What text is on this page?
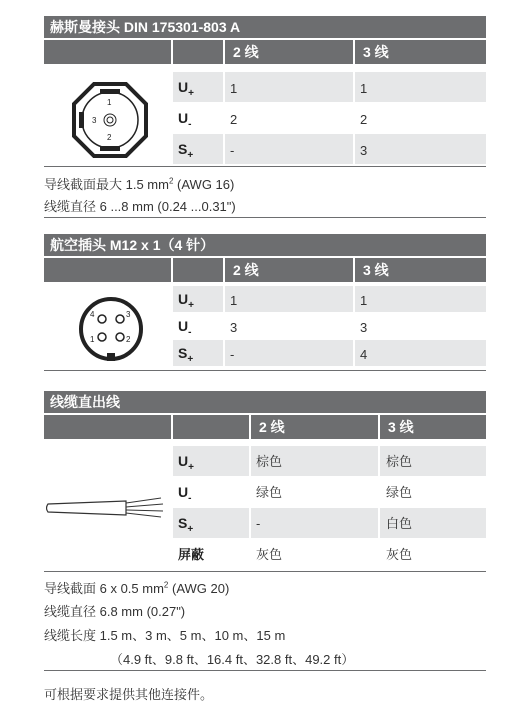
赫斯曼接头 DIN 175301-803 A
2 线	3 线
1
3
2
$U_+$	1	1
$U_-$	2	2
$S_+$	-	3
导线截面最大 1.5 $mm^2$ (AWG 16)
线缆直径 6 ...8 mm (0.24 ...0.31")
航空插头 M12 x 1（4 针）
2 线	3 线
4	3
1	2
$U_+$	1	1
$U_-$	3	3
$S_+$	-	4
线缆直出线
2 线	3 线
$U_+$	棕色	棕色
$U_-$	绿色	绿色
$S_+$	-	白色
屏蔽	灰色	灰色
导线截面 6 x 0.5 $mm^2$ (AWG 20)
线缆直径 6.8 mm (0.27")
线缆长度 1.5 m、3 m、5 m、10 m、15 m
（4.9 ft、9.8 ft、16.4 ft、32.8 ft、49.2 ft）
可根据要求提供其他连接件。
